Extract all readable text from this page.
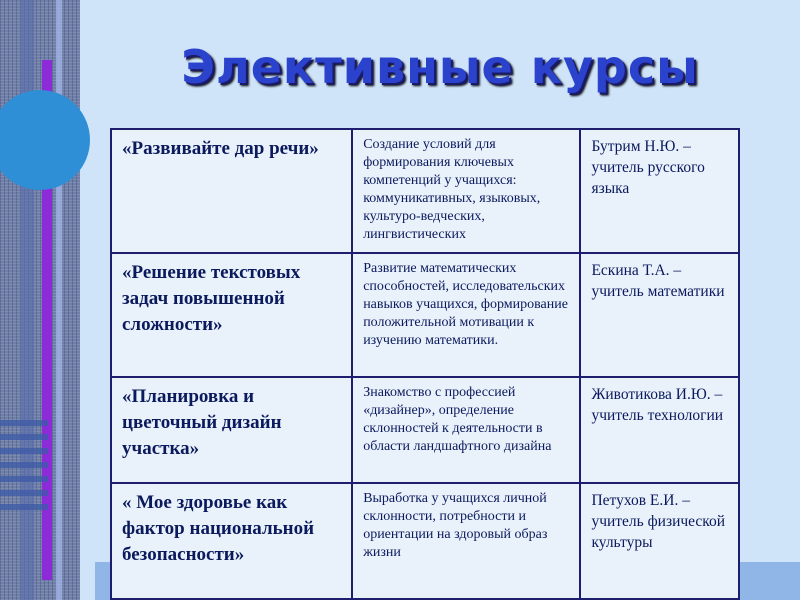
Элективные курсы
«Развивайте дар речи»	Создание условий для формирования ключевых компетенций у учащихся: коммуникативных, языковых, культуро-ведческих, лингвистических	Бутрим Н.Ю. – учитель русского языка
«Решение текстовых задач повышенной сложности»	Развитие математических способностей, исследовательских навыков учащихся, формирование положительной мотивации к изучению математики.	Ескина Т.А. – учитель математики
«Планировка и цветочный дизайн участка»	Знакомство с профессией «дизайнер», определение склонностей к деятельности в области ландшафтного дизайна	Животикова И.Ю. – учитель технологии
« Мое здоровье как фактор национальной безопасности»	Выработка у учащихся личной склонности, потребности и ориентации на здоровый образ жизни	Петухов Е.И. – учитель физической культуры
